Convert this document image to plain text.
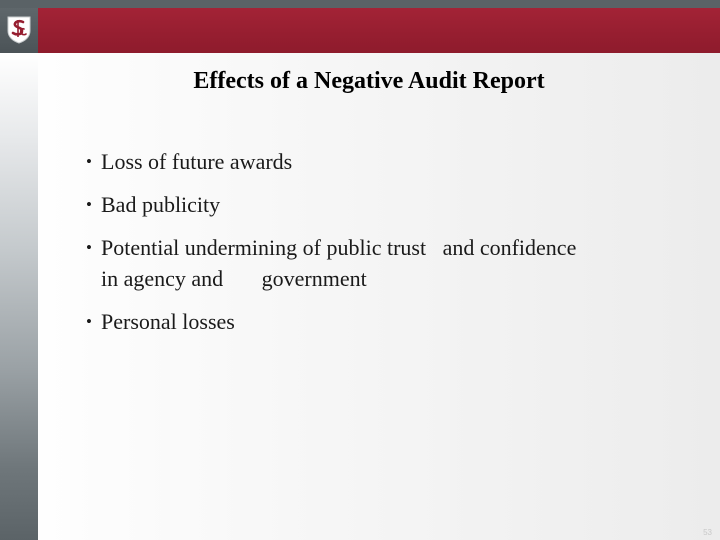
Effects of a Negative Audit Report
• Loss of future awards
• Bad publicity
• Potential undermining of public trust   and confidence
in agency and       government
• Personal losses
53
